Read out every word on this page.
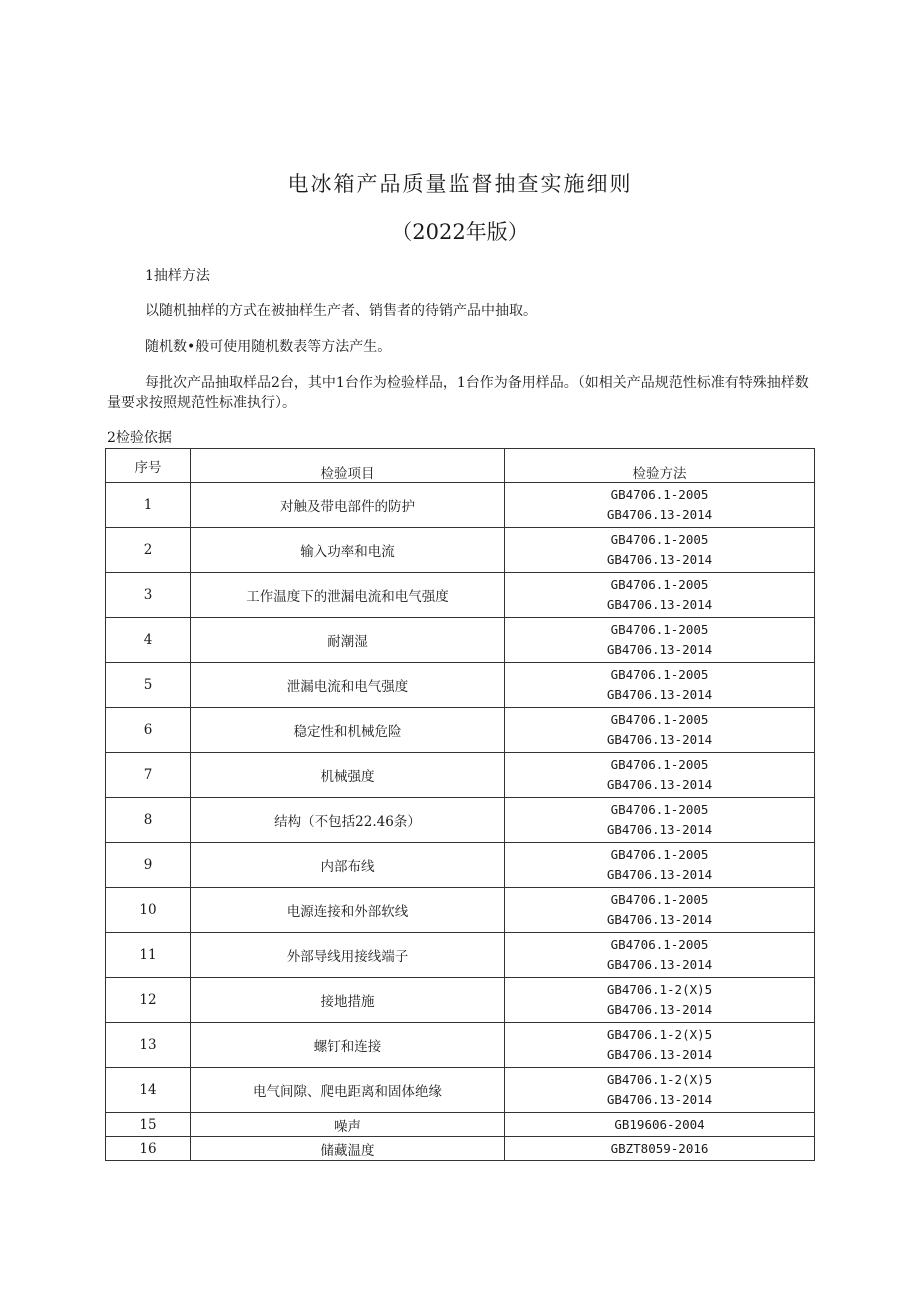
电冰箱产品质量监督抽查实施细则
（2022年版）
1抽样方法
以随机抽样的方式在被抽样生产者、销售者的待销产品中抽取。
随机数•般可使用随机数表等方法产生。
每批次产品抽取样品2台，其中1台作为检验样品，1台作为备用样品。（如相关产品规范性标准有特殊抽样数量要求按照规范性标准执行）。
2检验依据
序号	检验项目	检验方法
1	对触及带电部件的防护	GB4706.1-2005
GB4706.13-2014

2	输入功率和电流	GB4706.1-2005
GB4706.13-2014

3	工作温度下的泄漏电流和电气强度	GB4706.1-2005
GB4706.13-2014

4	耐潮湿	GB4706.1-2005
GB4706.13-2014

5	泄漏电流和电气强度	GB4706.1-2005
GB4706.13-2014

6	稳定性和机械危险	GB4706.1-2005
GB4706.13-2014

7	机械强度	GB4706.1-2005
GB4706.13-2014

8	结构（不包括22.46条）	GB4706.1-2005
GB4706.13-2014

9	内部布线	GB4706.1-2005
GB4706.13-2014

10	电源连接和外部软线	GB4706.1-2005
GB4706.13-2014

11	外部导线用接线端子	GB4706.1-2005
GB4706.13-2014

12	接地措施	GB4706.1-2(X)5
GB4706.13-2014

13	螺钉和连接	GB4706.1-2(X)5
GB4706.13-2014

14	电气间隙、爬电距离和固体绝缘	GB4706.1-2(X)5
GB4706.13-2014

15	噪声	GB19606-2004

16	储藏温度	GBZT8059-2016
